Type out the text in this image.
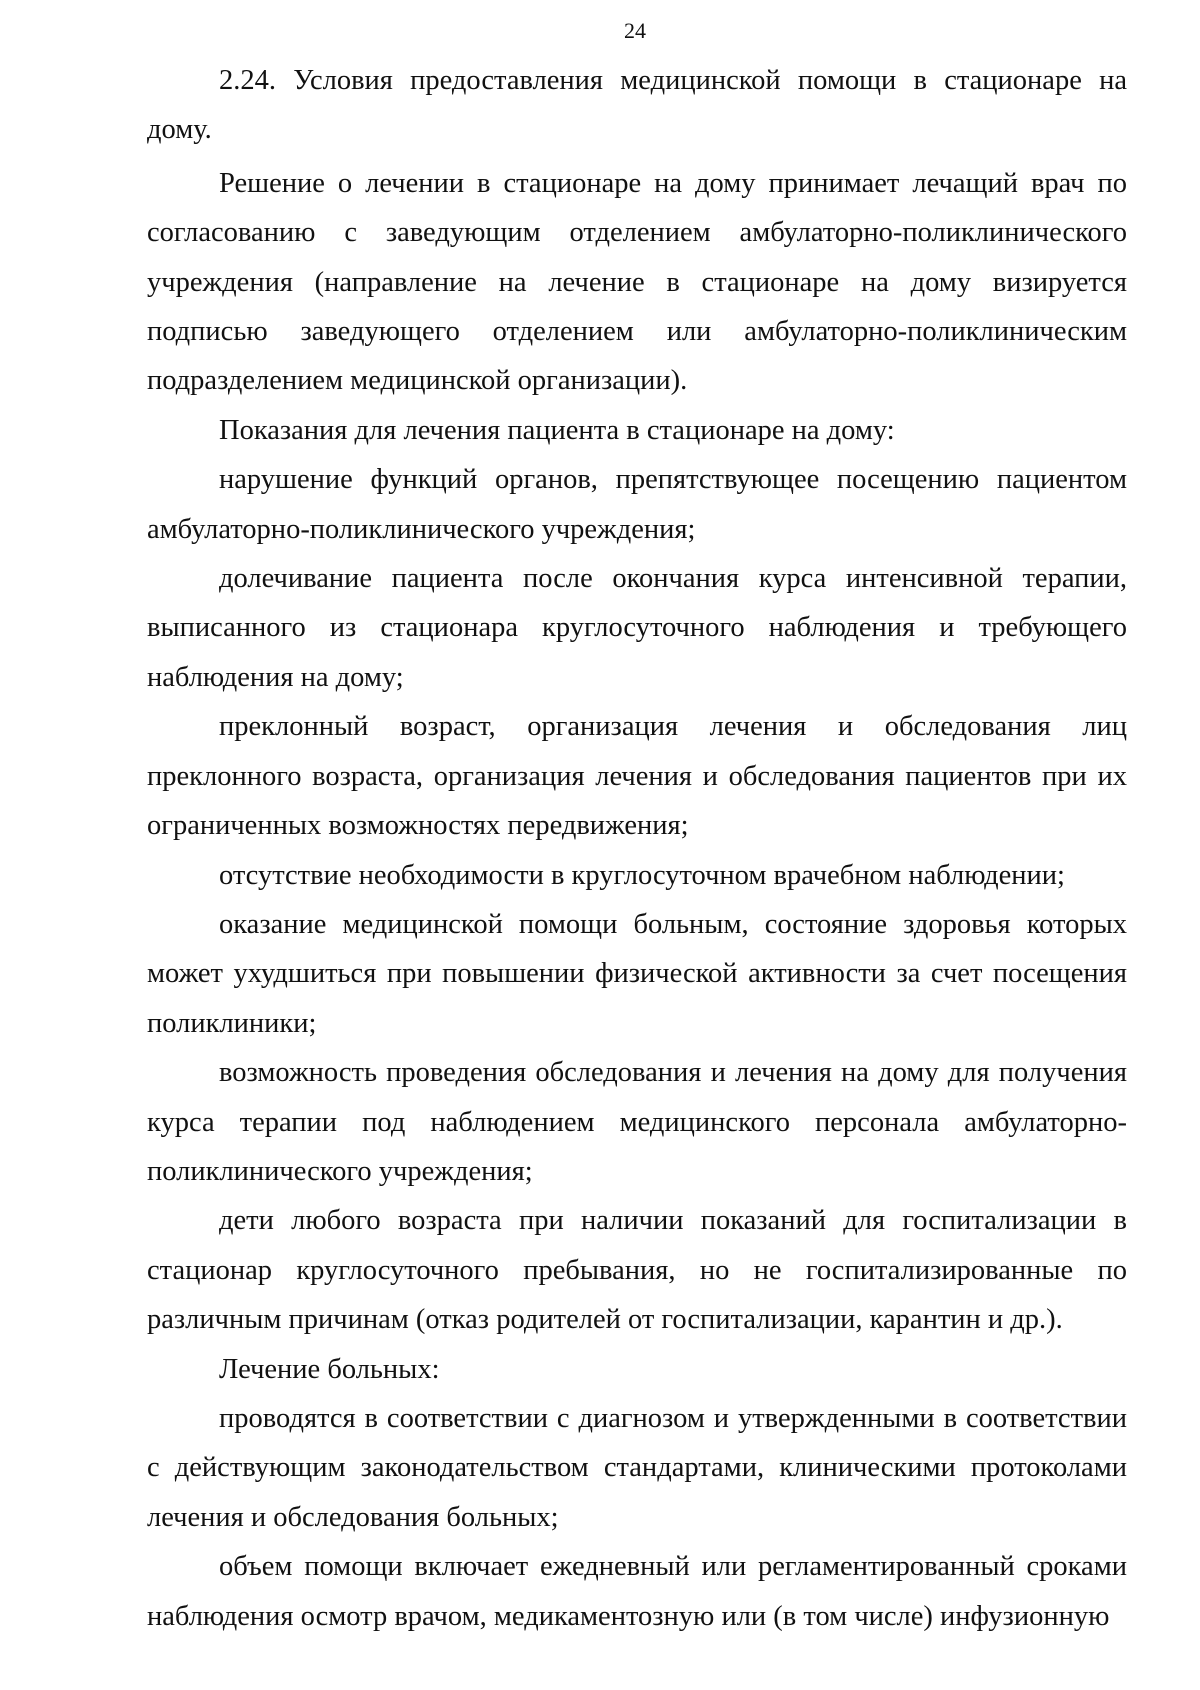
24

2.24. Условия предоставления медицинской помощи в стационаре на дому.

Решение о лечении в стационаре на дому принимает лечащий врач по согласованию с заведующим отделением амбулаторно-поликлинического учреждения (направление на лечение в стационаре на дому визируется подписью заведующего отделением или амбулаторно-поликлиническим подразделением медицинской организации).

Показания для лечения пациента в стационаре на дому:

нарушение функций органов, препятствующее посещению пациентом амбулаторно-поликлинического учреждения;

долечивание пациента после окончания курса интенсивной терапии, выписанного из стационара круглосуточного наблюдения и требующего наблюдения на дому;

преклонный возраст, организация лечения и обследования лиц преклонного возраста, организация лечения и обследования пациентов при их ограниченных возможностях передвижения;

отсутствие необходимости в круглосуточном врачебном наблюдении;

оказание медицинской помощи больным, состояние здоровья которых может ухудшиться при повышении физической активности за счет посещения поликлиники;

возможность проведения обследования и лечения на дому для получения курса терапии под наблюдением медицинского персонала амбулаторно-поликлинического учреждения;

дети любого возраста при наличии показаний для госпитализации в стационар круглосуточного пребывания, но не госпитализированные по различным причинам (отказ родителей от госпитализации, карантин и др.).

Лечение больных:

проводятся в соответствии с диагнозом и утвержденными в соответствии с действующим законодательством стандартами, клиническими протоколами лечения и обследования больных;

объем помощи включает ежедневный или регламентированный сроками наблюдения осмотр врачом, медикаментозную или (в том числе) инфузионную
